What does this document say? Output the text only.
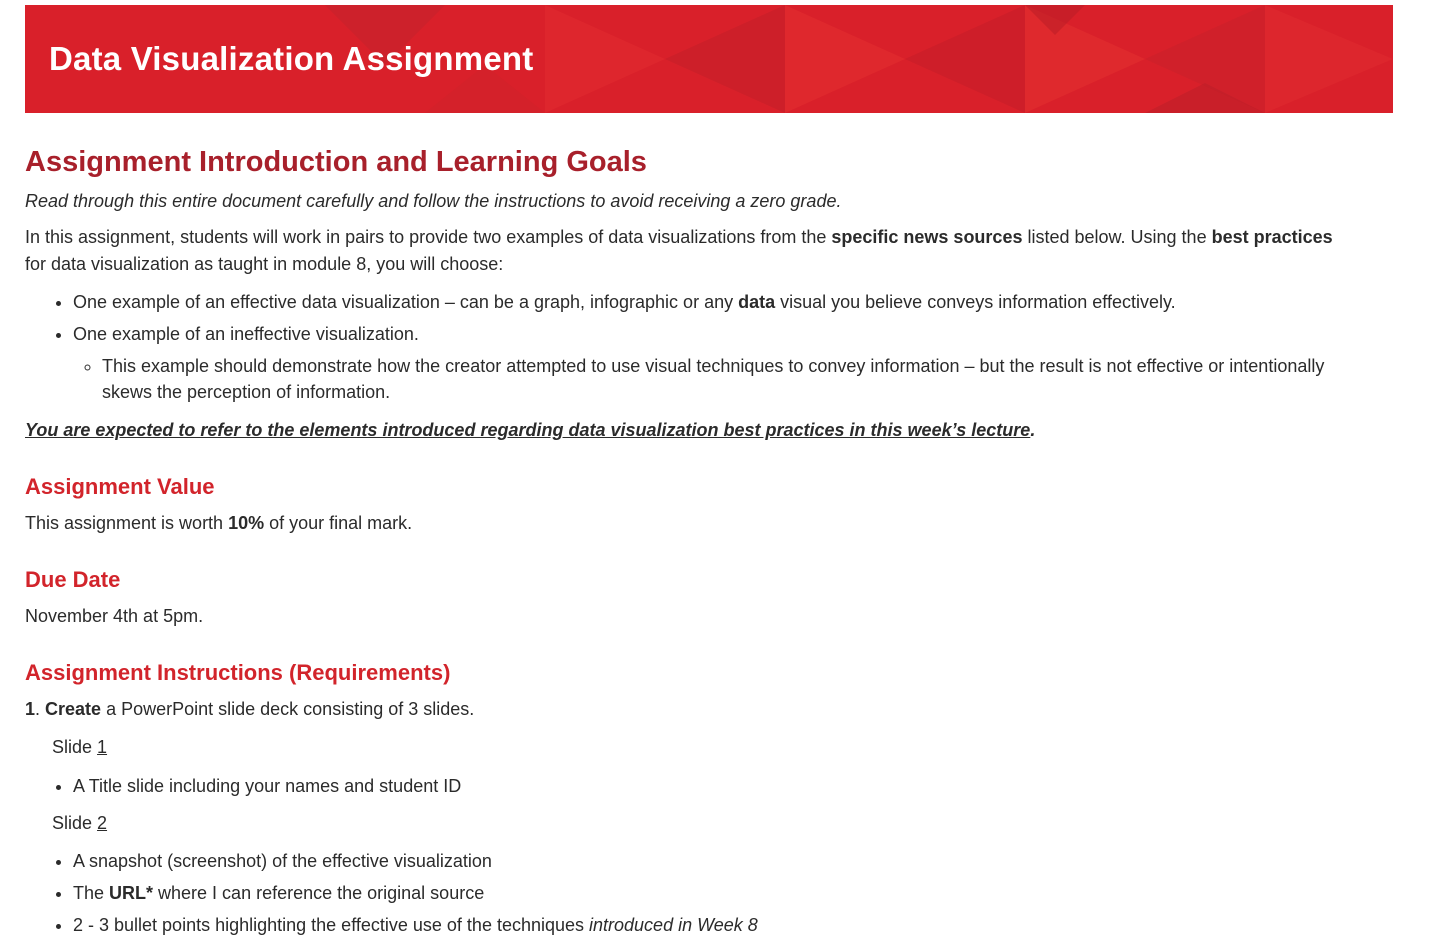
Data Visualization Assignment
Assignment Introduction and Learning Goals

Read through this entire document carefully and follow the instructions to avoid receiving a zero grade.

In this assignment, students will work in pairs to provide two examples of data visualizations from the specific news sources listed below. Using the best practices for data visualization as taught in module 8, you will choose:

• One example of an effective data visualization – can be a graph, infographic or any data visual you believe conveys information effectively.
• One example of an ineffective visualization.
◦ This example should demonstrate how the creator attempted to use visual techniques to convey information – but the result is not effective or intentionally skews the perception of information.

You are expected to refer to the elements introduced regarding data visualization best practices in this week’s lecture.

Assignment Value

This assignment is worth 10% of your final mark.

Due Date

November 4th at 5pm.

Assignment Instructions (Requirements)

1. Create a PowerPoint slide deck consisting of 3 slides.

Slide 1

• A Title slide including your names and student ID

Slide 2

• A snapshot (screenshot) of the effective visualization
• The URL* where I can reference the original source
• 2 - 3 bullet points highlighting the effective use of the techniques introduced in Week 8
